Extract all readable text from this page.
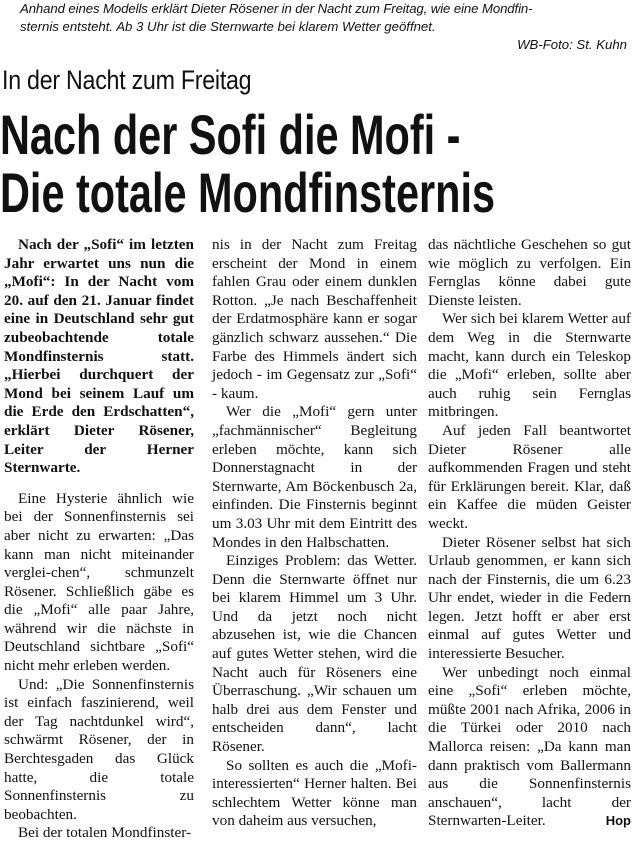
Anhand eines Modells erklärt Dieter Rösener in der Nacht zum Freitag, wie eine Mondfin-

sternis entsteht. Ab 3 Uhr ist die Sternwarte bei klarem Wetter geöffnet.

WB-Foto: St. Kuhn

In der Nacht zum Freitag
Nach der Sofi die Mofi -
Die totale Mondfinsternis

Nach der „Sofi“ im letzten Jahr erwartet uns nun die „Mofi“: In der Nacht vom 20. auf den 21. Januar findet eine in Deutschland sehr gut zubeobachtende totale Mondfinsternis statt. „Hierbei durchquert der Mond bei seinem Lauf um die Erde den Erdschatten“, erklärt Dieter Rösener, Leiter der Herner Sternwarte.

Eine Hysterie ähnlich wie bei der Sonnenfinsternis sei aber nicht zu erwarten: „Das kann man nicht miteinander verglei-chen“, schmunzelt Rösener. Schließlich gäbe es die „Mofi“ alle paar Jahre, während wir die nächste in Deutschland sichtbare „Sofi“ nicht mehr erleben werden.

Und: „Die Sonnenfinsternis ist einfach faszinierend, weil der Tag nachtdunkel wird“, schwärmt Rösener, der in Berchtesgaden das Glück hatte, die totale Sonnenfinsternis zu beobachten.

Bei der totalen Mondfinster-

nis in der Nacht zum Freitag erscheint der Mond in einem fahlen Grau oder einem dunklen Rotton. „Je nach Beschaffenheit der Erdatmosphäre kann er sogar gänzlich schwarz aussehen.“ Die Farbe des Himmels ändert sich jedoch - im Gegensatz zur „Sofi“ - kaum.

Wer die „Mofi“ gern unter „fachmännischer“ Begleitung erleben möchte, kann sich Donnerstagnacht in der Sternwarte, Am Böckenbusch 2a, einfinden. Die Finsternis beginnt um 3.03 Uhr mit dem Eintritt des Mondes in den Halbschatten.

Einziges Problem: das Wetter. Denn die Sternwarte öffnet nur bei klarem Himmel um 3 Uhr. Und da jetzt noch nicht abzusehen ist, wie die Chancen auf gutes Wetter stehen, wird die Nacht auch für Röseners eine Überraschung. „Wir schauen um halb drei aus dem Fenster und entscheiden dann“, lacht Rösener.

So sollten es auch die „Mofi-interessierten“ Herner halten. Bei schlechtem Wetter könne man von daheim aus versuchen,

das nächtliche Geschehen so gut wie möglich zu verfolgen. Ein Fernglas könne dabei gute Dienste leisten.

Wer sich bei klarem Wetter auf dem Weg in die Sternwarte macht, kann durch ein Teleskop die „Mofi“ erleben, sollte aber auch ruhig sein Fernglas mitbringen.

Auf jeden Fall beantwortet Dieter Rösener alle aufkommenden Fragen und steht für Erklärungen bereit. Klar, daß ein Kaffee die müden Geister weckt.

Dieter Rösener selbst hat sich Urlaub genommen, er kann sich nach der Finsternis, die um 6.23 Uhr endet, wieder in die Federn legen. Jetzt hofft er aber erst einmal auf gutes Wetter und interessierte Besucher.

Wer unbedingt noch einmal eine „Sofi“ erleben möchte, müßte 2001 nach Afrika, 2006 in die Türkei oder 2010 nach Mallorca reisen: „Da kann man dann praktisch vom Ballermann aus die Sonnenfinsternis anschauen“, lacht der Sternwarten-Leiter.	Hop
